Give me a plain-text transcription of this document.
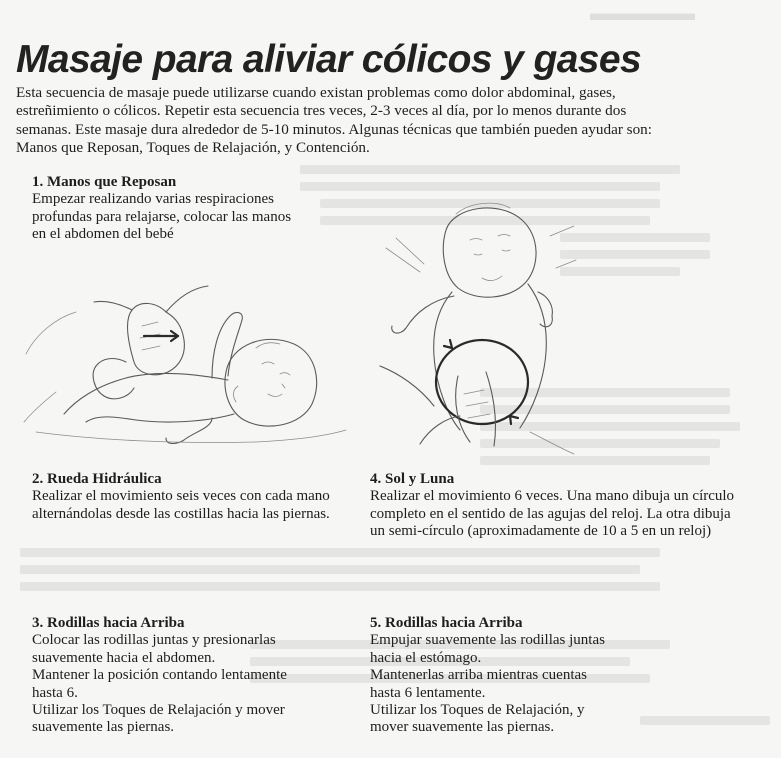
▬▬▬▬▬
Masaje para aliviar cólicos y gases

Esta secuencia de masaje puede utilizarse cuando existan problemas como dolor abdominal, gases, estreñimiento o cólicos. Repetir esta secuencia tres veces, 2-3 veces al día, por lo menos durante dos semanas. Este masaje dura alrededor de 5-10 minutos. Algunas técnicas que también pueden ayudar son: Manos que Reposan, Toques de Relajación, y Contención.

1. Manos que Reposan

Empezar realizando varias respiraciones
profundas para relajarse, colocar las manos
en el abdomen del bebé

2. Rueda Hidráulica

Realizar el movimiento seis veces con cada mano
alternándolas desde las costillas hacia las piernas.

4. Sol y Luna

Realizar el movimiento 6 veces. Una mano dibuja un círculo
completo en el sentido de las agujas del reloj. La otra dibuja
un semi-círculo (aproximadamente de 10 a 5 en un reloj)

3. Rodillas hacia Arriba

Colocar las rodillas juntas y presionarlas
suavemente hacia el abdomen.
Mantener la posición contando lentamente
hasta 6.
Utilizar los Toques de Relajación y mover
suavemente las piernas.

5. Rodillas hacia Arriba

Empujar suavemente las rodillas juntas
hacia el estómago.
Mantenerlas arriba mientras cuentas
hasta 6 lentamente.
Utilizar los Toques de Relajación, y
mover suavemente las piernas.
